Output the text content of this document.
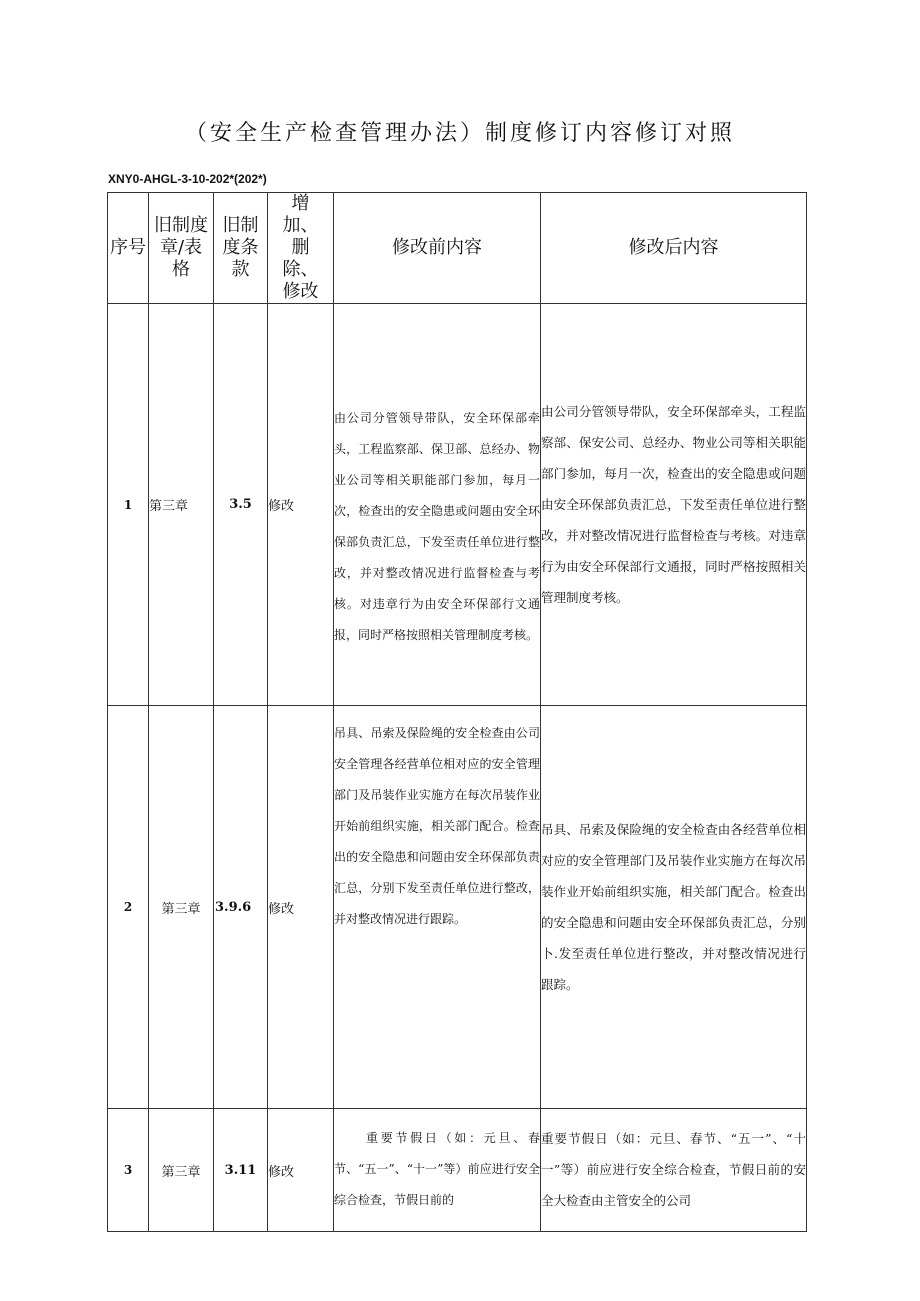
（安全生产检查管理办法）制度修订内容修订对照
XNY0-AHGL-3-10-202*(202*)
序号	旧制度章/表格	旧制度条款	增加、删除、修改	修改前内容	修改后内容
1	第三章	3.5	修改	由公司分管领导带队，安全环保部牵头，工程监察部、保卫部、总经办、物业公司等相关职能部门参加，每月一次，检查出的安全隐患或问题由安全环保部负责汇总，下发至责任单位进行整改，并对整改情况进行监督检查与考核。对违章行为由安全环保部行文通报，同时严格按照相关管理制度考核。	由公司分管领导带队，安全环保部牵头，工程监察部、保安公司、总经办、物业公司等相关职能部门参加，每月一次，检查出的安全隐患或问题由安全环保部负责汇总，下发至责任单位进行整改，并对整改情况进行监督检查与考核。对违章行为由安全环保部行文通报，同时严格按照相关管理制度考核。
2	第三章	3.9.6	修改	吊具、吊索及保险绳的安全检查由公司安全管理各经营单位相对应的安全管理部门及吊装作业实施方在每次吊装作业开始前组织实施，相关部门配合。检查出的安全隐患和问题由安全环保部负责汇总，分别下发至责任单位进行整改，并对整改情况进行跟踪。	吊具、吊索及保险绳的安全检查由各经营单位相对应的安全管理部门及吊装作业实施方在每次吊装作业开始前组织实施，相关部门配合。检查出的安全隐患和问题由安全环保部负责汇总，分别卜.发至责任单位进行整改，并对整改情况进行跟踪。
3	第三章	3.11	修改	重要节假日（如：元旦、春节、“五一”、“十一”等）前应进行安全综合检查，节假日前的	重要节假日（如：元旦、春节、“五一”、“十一”等）前应进行安全综合检查，节假日前的安全大检查由主管安全的公司
